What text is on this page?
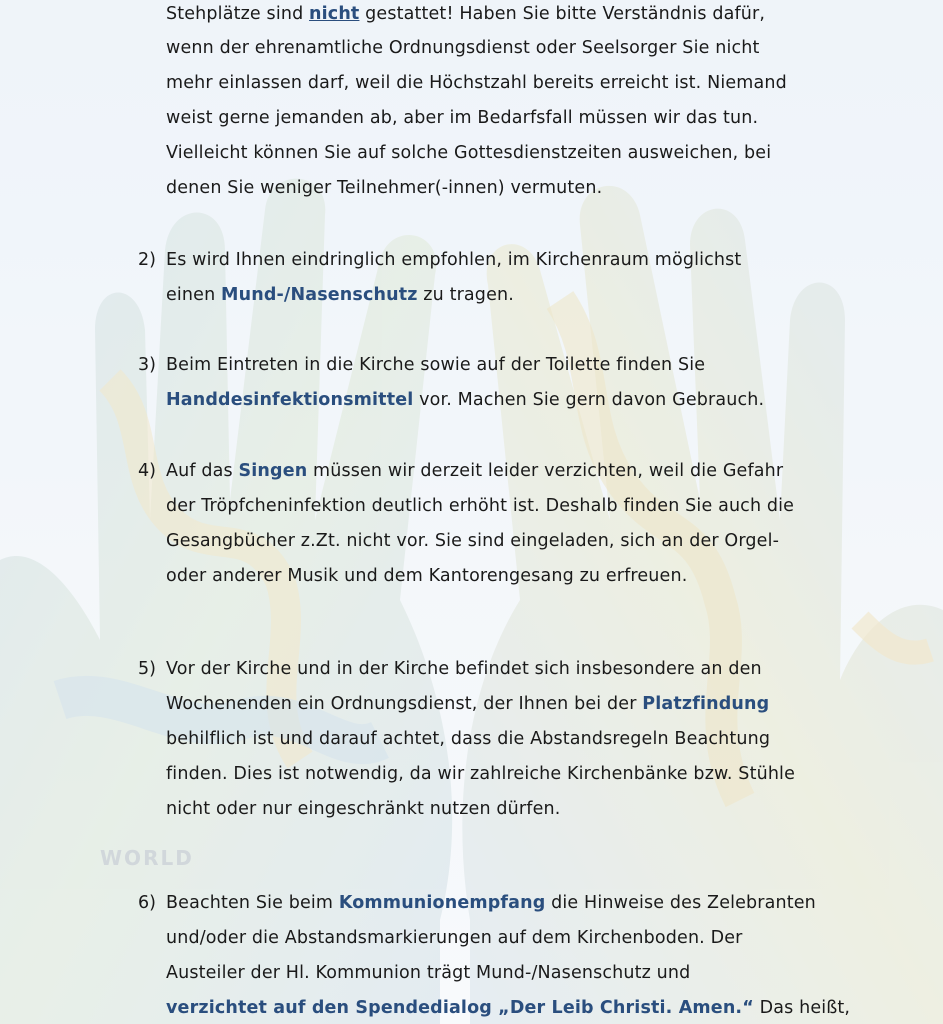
WORLD
Stehplätze sind nicht gestattet! Haben Sie bitte Verständnis dafür,
wenn der ehrenamtliche Ordnungsdienst oder Seelsorger Sie nicht
mehr einlassen darf, weil die Höchstzahl bereits erreicht ist. Niemand
weist gerne jemanden ab, aber im Bedarfsfall müssen wir das tun.
Vielleicht können Sie auf solche Gottesdienstzeiten ausweichen, bei
denen Sie weniger Teilnehmer(-innen) vermuten.
2) Es wird Ihnen eindringlich empfohlen, im Kirchenraum möglichst
einen Mund-/Nasenschutz zu tragen.
3) Beim Eintreten in die Kirche sowie auf der Toilette finden Sie
Handdesinfektionsmittel vor. Machen Sie gern davon Gebrauch.
4) Auf das Singen müssen wir derzeit leider verzichten, weil die Gefahr
der Tröpfcheninfektion deutlich erhöht ist. Deshalb finden Sie auch die
Gesangbücher z.Zt. nicht vor. Sie sind eingeladen, sich an der Orgel-
oder anderer Musik und dem Kantorengesang zu erfreuen.
5) Vor der Kirche und in der Kirche befindet sich insbesondere an den
Wochenenden ein Ordnungsdienst, der Ihnen bei der Platzfindung
behilflich ist und darauf achtet, dass die Abstandsregeln Beachtung
finden. Dies ist notwendig, da wir zahlreiche Kirchenbänke bzw. Stühle
nicht oder nur eingeschränkt nutzen dürfen.
6) Beachten Sie beim Kommunionempfang die Hinweise des Zelebranten
und/oder die Abstandsmarkierungen auf dem Kirchenboden. Der
Austeiler der Hl. Kommunion trägt Mund-/Nasenschutz und
verzichtet auf den Spendedialog „Der Leib Christi. Amen.“ Das heißt,
